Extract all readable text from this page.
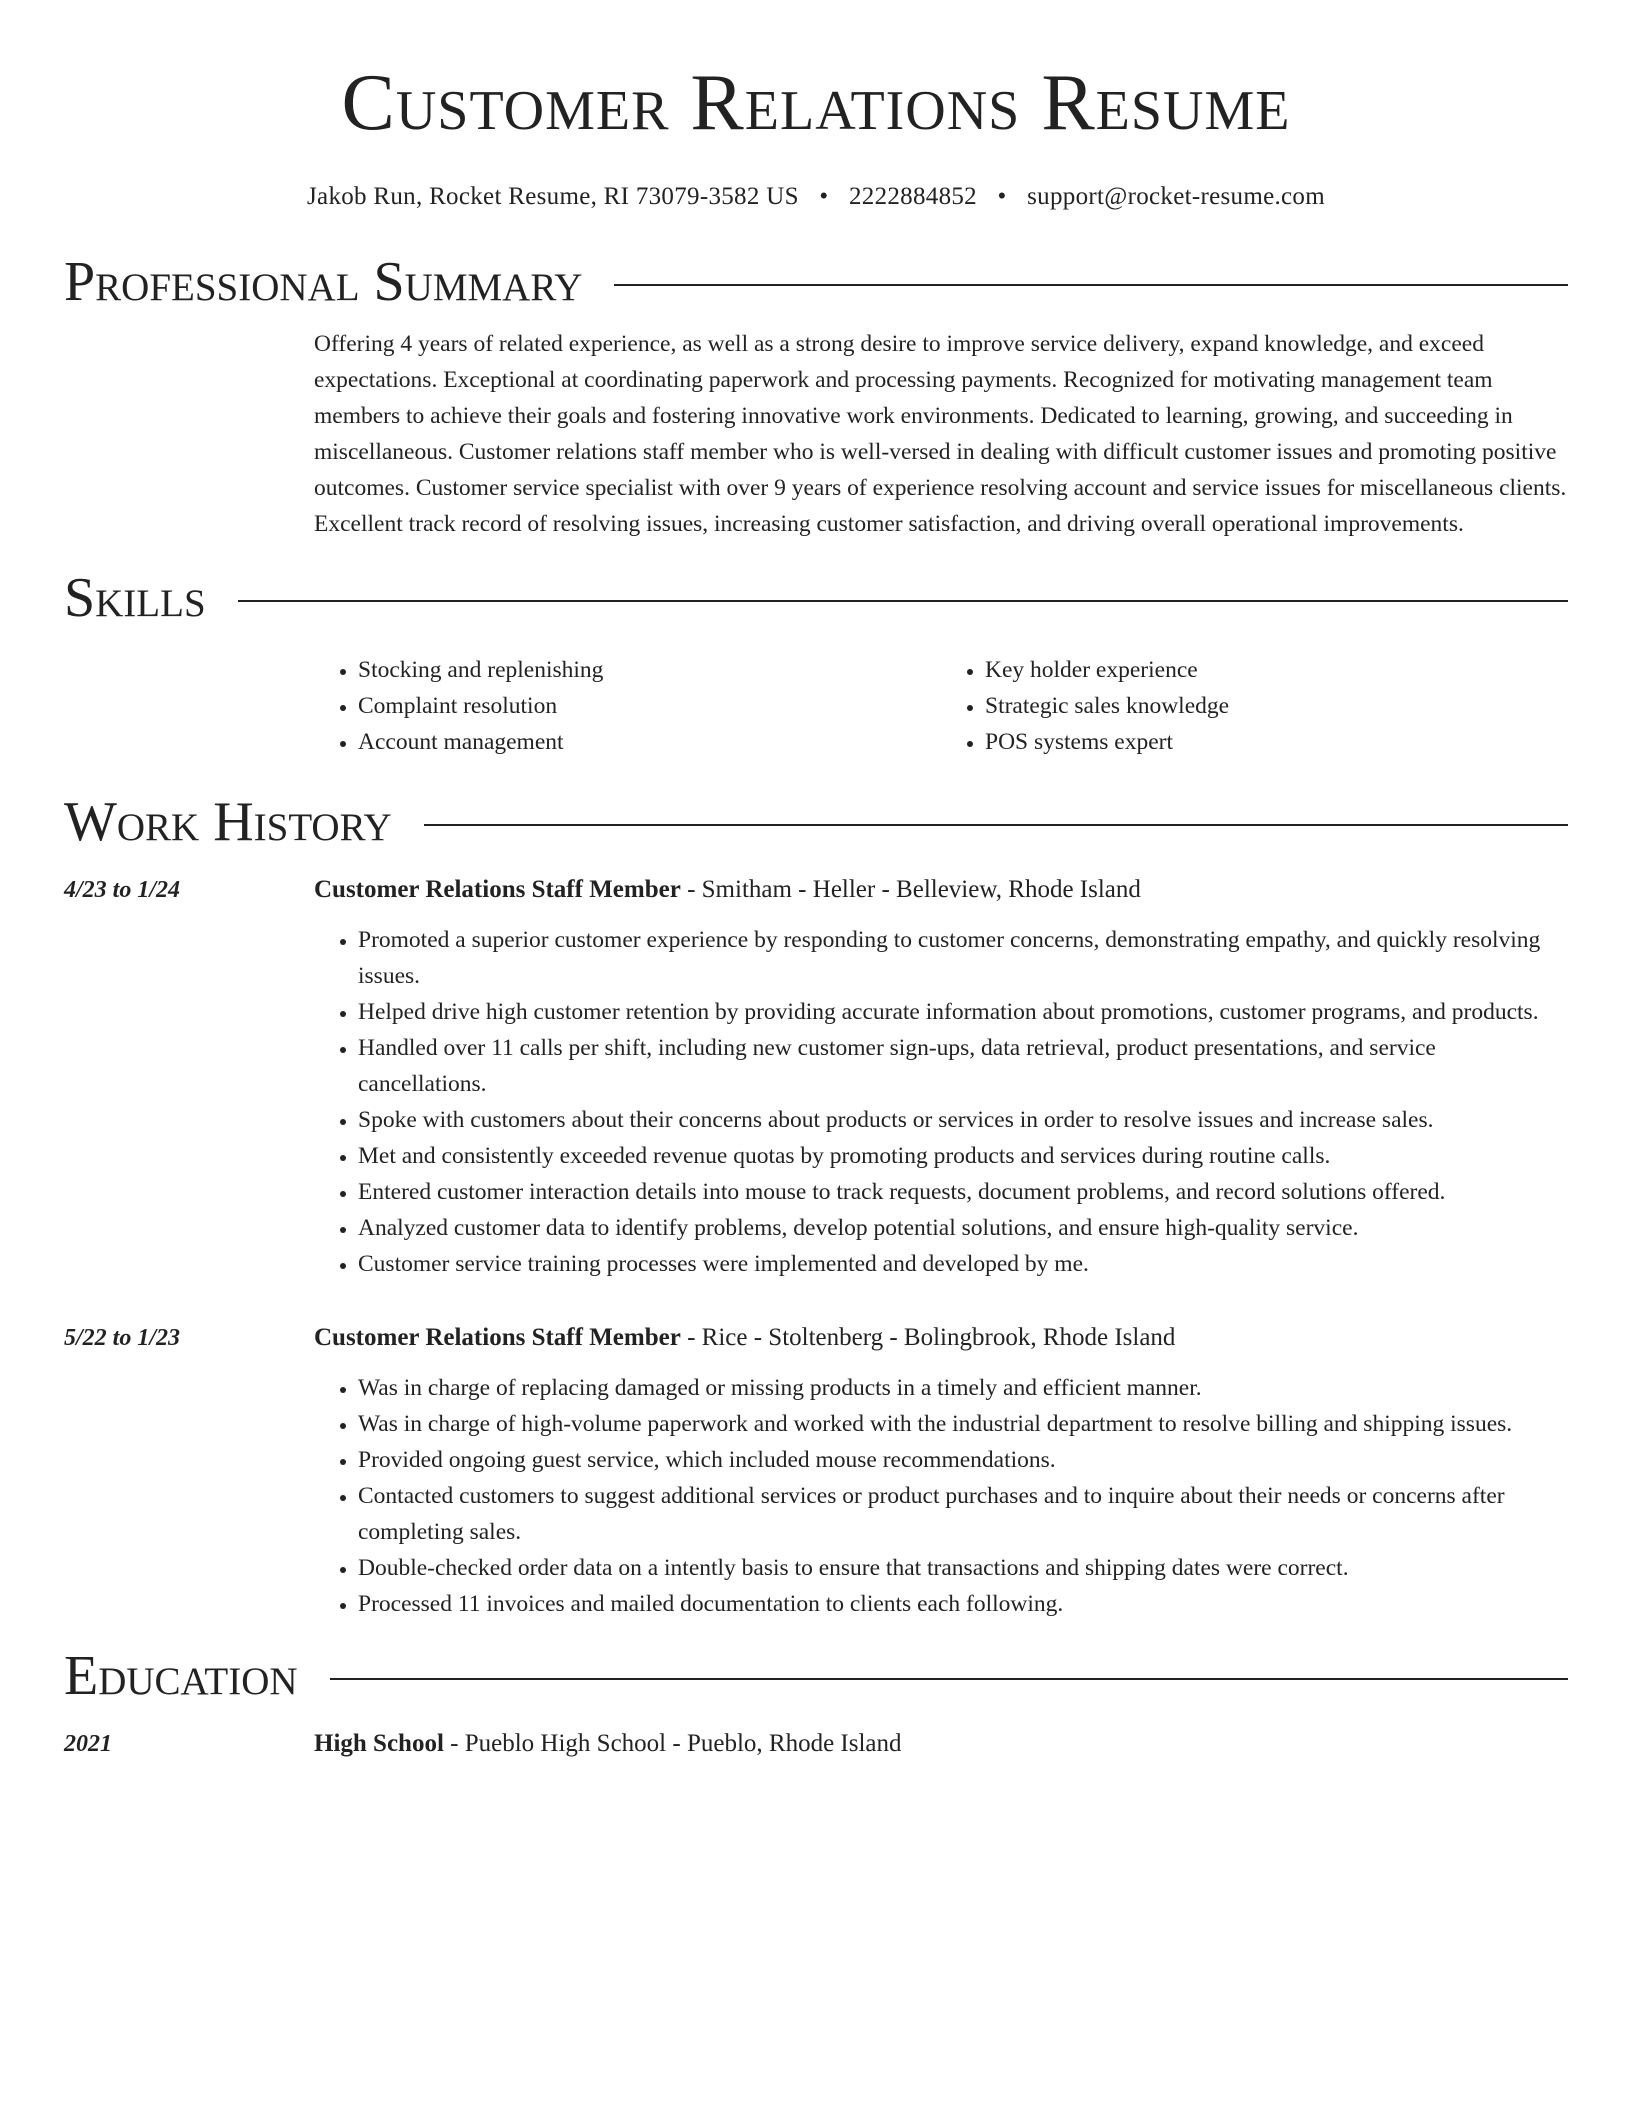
Customer Relations Resume
Jakob Run, Rocket Resume, RI 73079-3582 US • 2222884852 • support@rocket-resume.com
Professional Summary
Offering 4 years of related experience, as well as a strong desire to improve service delivery, expand knowledge, and exceed expectations. Exceptional at coordinating paperwork and processing payments. Recognized for motivating management team members to achieve their goals and fostering innovative work environments. Dedicated to learning, growing, and succeeding in miscellaneous. Customer relations staff member who is well-versed in dealing with difficult customer issues and promoting positive outcomes. Customer service specialist with over 9 years of experience resolving account and service issues for miscellaneous clients. Excellent track record of resolving issues, increasing customer satisfaction, and driving overall operational improvements.
Skills
• Stocking and replenishing
• Complaint resolution
• Account management
• Key holder experience
• Strategic sales knowledge
• POS systems expert
Work History
4/23 to 1/24	Customer Relations Staff Member - Smitham - Heller - Belleview, Rhode Island
• Promoted a superior customer experience by responding to customer concerns, demonstrating empathy, and quickly resolving issues.
• Helped drive high customer retention by providing accurate information about promotions, customer programs, and products.
• Handled over 11 calls per shift, including new customer sign-ups, data retrieval, product presentations, and service cancellations.
• Spoke with customers about their concerns about products or services in order to resolve issues and increase sales.
• Met and consistently exceeded revenue quotas by promoting products and services during routine calls.
• Entered customer interaction details into mouse to track requests, document problems, and record solutions offered.
• Analyzed customer data to identify problems, develop potential solutions, and ensure high-quality service.
• Customer service training processes were implemented and developed by me.
5/22 to 1/23	Customer Relations Staff Member - Rice - Stoltenberg - Bolingbrook, Rhode Island
• Was in charge of replacing damaged or missing products in a timely and efficient manner.
• Was in charge of high-volume paperwork and worked with the industrial department to resolve billing and shipping issues.
• Provided ongoing guest service, which included mouse recommendations.
• Contacted customers to suggest additional services or product purchases and to inquire about their needs or concerns after completing sales.
• Double-checked order data on a intently basis to ensure that transactions and shipping dates were correct.
• Processed 11 invoices and mailed documentation to clients each following.
Education
2021	High School - Pueblo High School - Pueblo, Rhode Island
